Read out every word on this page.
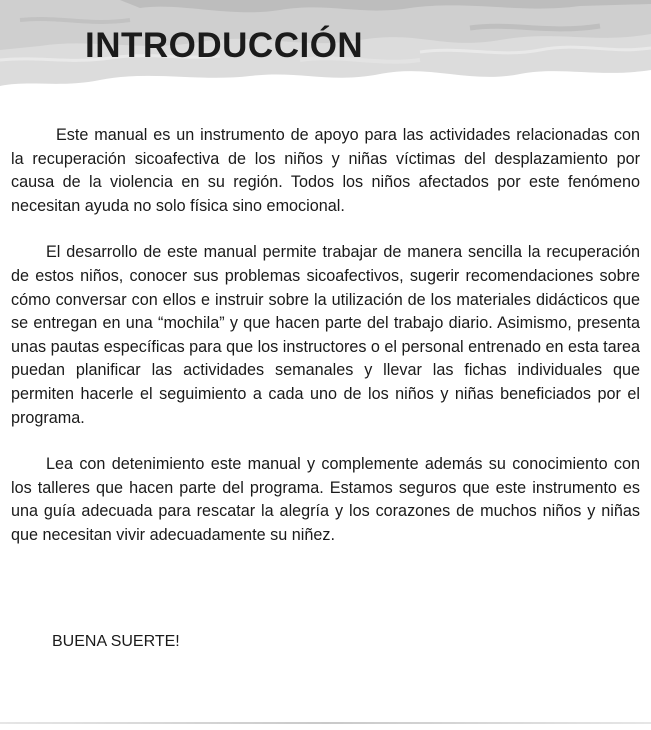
INTRODUCCIÓN

Este manual es un instrumento de apoyo para las actividades relacionadas con la recuperación sicoafectiva de los niños y niñas víctimas del desplazamiento por causa de la violencia en su región. Todos los niños afectados por este fenómeno necesitan ayuda no solo física sino emocional.

El desarrollo de este manual permite trabajar de manera sencilla la recuperación de estos niños, conocer sus problemas sicoafectivos, sugerir recomendaciones sobre cómo conversar con ellos e instruir sobre la utilización de los materiales didácticos que se entregan en una “mochila” y que hacen parte del trabajo diario. Asimismo, presenta unas pautas específicas para que los instructores o el personal entrenado en esta tarea puedan planificar las actividades semanales y llevar las fichas individuales que permiten hacerle el seguimiento a cada uno de los niños y niñas beneficiados por el programa.

Lea con detenimiento este manual y complemente además su conocimiento con los talleres que hacen parte del programa. Estamos seguros que este instrumento es una guía adecuada para rescatar la alegría y los corazones de muchos niños y niñas que necesitan vivir adecuadamente su niñez.

BUENA SUERTE!
